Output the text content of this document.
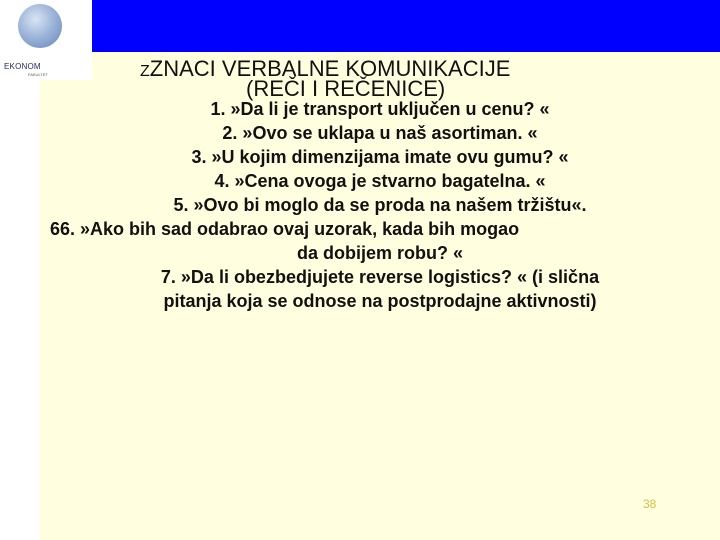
EKONOM
FAKULTET	ZZNACI VERBALNE KOMUNIKACIJE
(REČI I REČENICE)
1. »Da li je transport uključen u cenu? «
2. »Ovo se uklapa u naš asortiman. «
3. »U kojim dimenzijama imate ovu gumu? «
4. »Cena ovoga je stvarno bagatelna. «
5. »Ovo bi moglo da se proda na našem tržištu«.
66. »Ako bih sad odabrao ovaj uzorak, kada bih mogao
da dobijem robu? «
7. »Da li obezbedjujete reverse logistics? « (i slična
pitanja koja se odnose na postprodajne aktivnosti)
38
